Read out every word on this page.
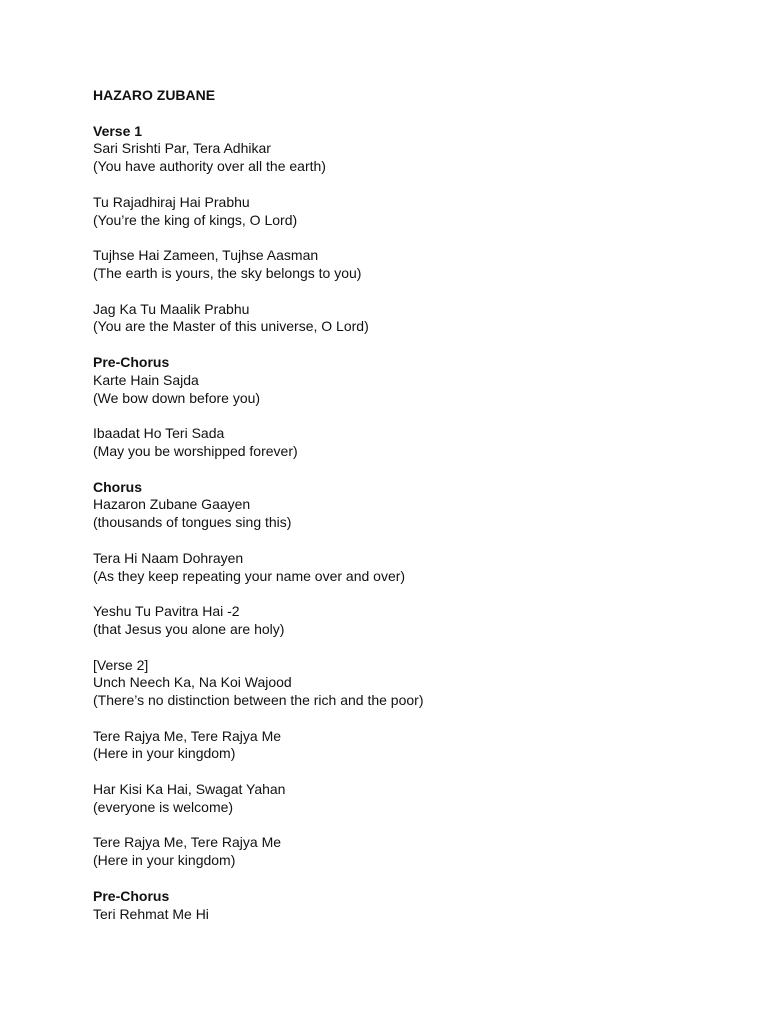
HAZARO ZUBANE
Verse 1
Sari Srishti Par, Tera Adhikar
(You have authority over all the earth)
Tu Rajadhiraj Hai Prabhu
(You’re the king of kings, O Lord)
Tujhse Hai Zameen, Tujhse Aasman
(The earth is yours, the sky belongs to you)
Jag Ka Tu Maalik Prabhu
(You are the Master of this universe, O Lord)
Pre-Chorus
Karte Hain Sajda
(We bow down before you)
Ibaadat Ho Teri Sada
(May you be worshipped forever)
Chorus
Hazaron Zubane Gaayen
(thousands of tongues sing this)
Tera Hi Naam Dohrayen
(As they keep repeating your name over and over)
Yeshu Tu Pavitra Hai -2
(that Jesus you alone are holy)
[Verse 2]
Unch Neech Ka, Na Koi Wajood
(There’s no distinction between the rich and the poor)
Tere Rajya Me, Tere Rajya Me
(Here in your kingdom)
Har Kisi Ka Hai, Swagat Yahan
(everyone is welcome)
Tere Rajya Me, Tere Rajya Me
(Here in your kingdom)
Pre-Chorus
Teri Rehmat Me Hi
